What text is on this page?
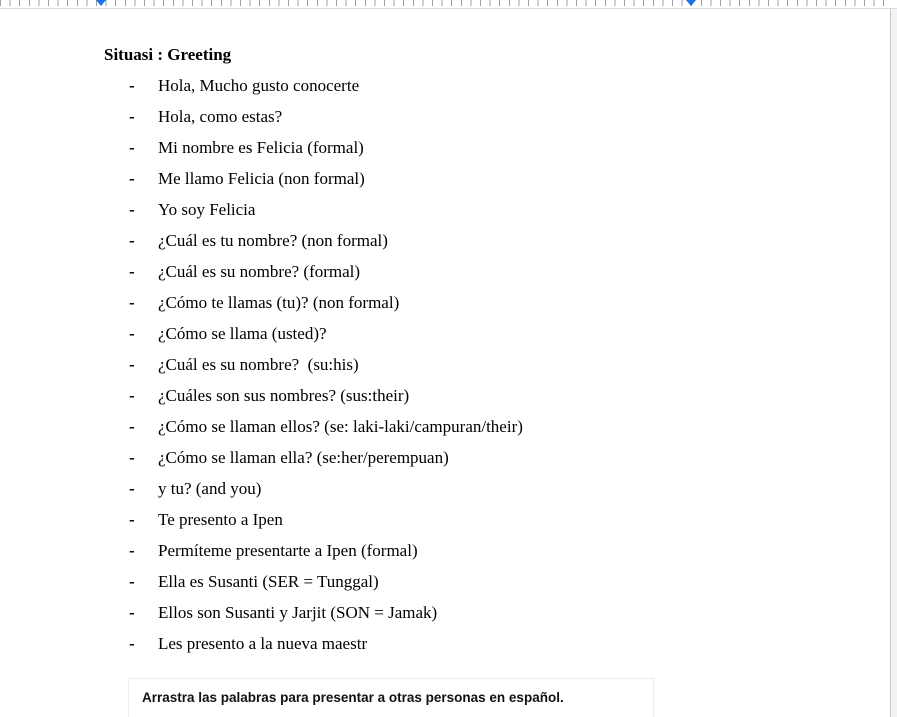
Situasi : Greeting
-	Hola, Mucho gusto conocerte
-	Hola, como estas?
-	Mi nombre es Felicia (formal)
-	Me llamo Felicia (non formal)
-	Yo soy Felicia
-	¿Cuál es tu nombre? (non formal)
-	¿Cuál es su nombre? (formal)
-	¿Cómo te llamas (tu)? (non formal)
-	¿Cómo se llama (usted)?
-	¿Cuál es su nombre?  (su:his)
-	¿Cuáles son sus nombres? (sus:their)
-	¿Cómo se llaman ellos? (se: laki-laki/campuran/their)
-	¿Cómo se llaman ella? (se:her/perempuan)
-	y tu? (and you)
-	Te presento a Ipen
-	Permíteme presentarte a Ipen (formal)
-	Ella es Susanti (SER = Tunggal)
-	Ellos son Susanti y Jarjit (SON = Jamak)
-	Les presento a la nueva maestr

Arrastra las palabras para presentar a otras personas en español.
